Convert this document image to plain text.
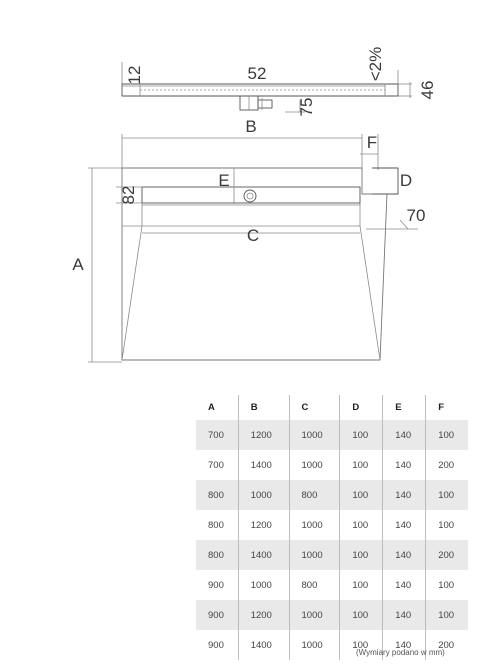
12	52	<2%
46
75
B
F
A
D
E
82
C
70
A	B	C	D	E	F
700	1200	1000	100	140	100
700	1400	1000	100	140	200
800	1000	800	100	140	100
800	1200	1000	100	140	100
800	1400	1000	100	140	200
900	1000	800	100	140	100
900	1200	1000	100	140	100
900	1400	1000	100	140	200
(Wymiary podano w mm)
